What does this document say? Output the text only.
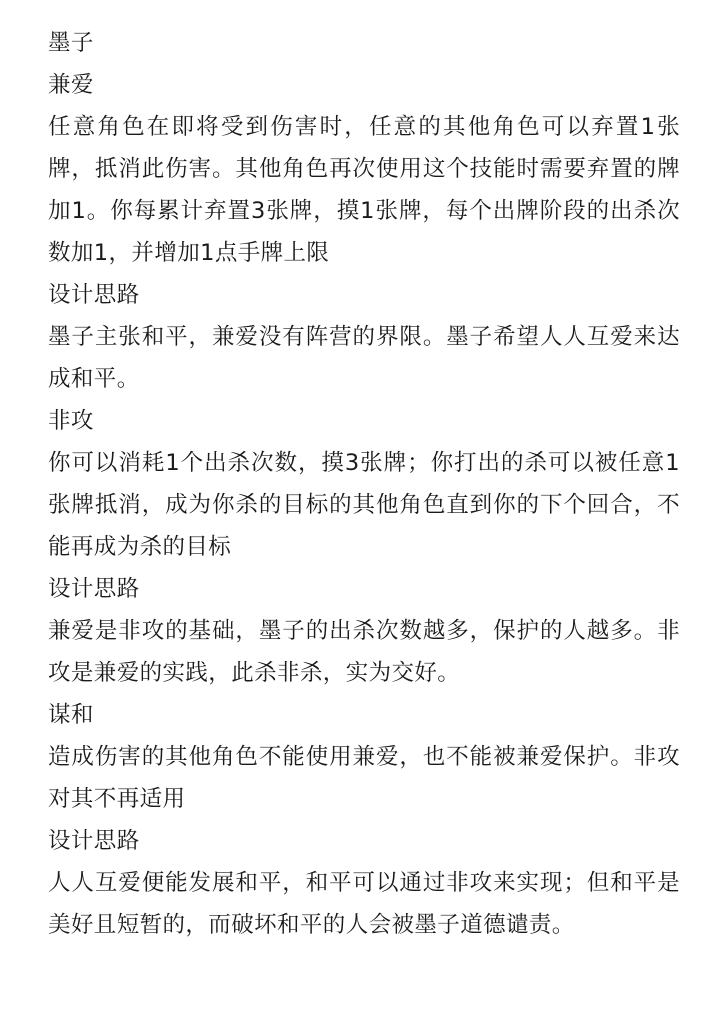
墨子

兼爱

任意角色在即将受到伤害时，任意的其他角色可以弃置1张牌，抵消此伤害。其他角色再次使用这个技能时需要弃置的牌加1。你每累计弃置3张牌，摸1张牌，每个出牌阶段的出杀次数加1，并增加1点手牌上限

设计思路

墨子主张和平，兼爱没有阵营的界限。墨子希望人人互爱来达成和平。

非攻

你可以消耗1个出杀次数，摸3张牌；你打出的杀可以被任意1张牌抵消，成为你杀的目标的其他角色直到你的下个回合，不能再成为杀的目标

设计思路

兼爱是非攻的基础，墨子的出杀次数越多，保护的人越多。非攻是兼爱的实践，此杀非杀，实为交好。

谋和

造成伤害的其他角色不能使用兼爱，也不能被兼爱保护。非攻对其不再适用

设计思路

人人互爱便能发展和平，和平可以通过非攻来实现；但和平是美好且短暂的，而破坏和平的人会被墨子道德谴责。
